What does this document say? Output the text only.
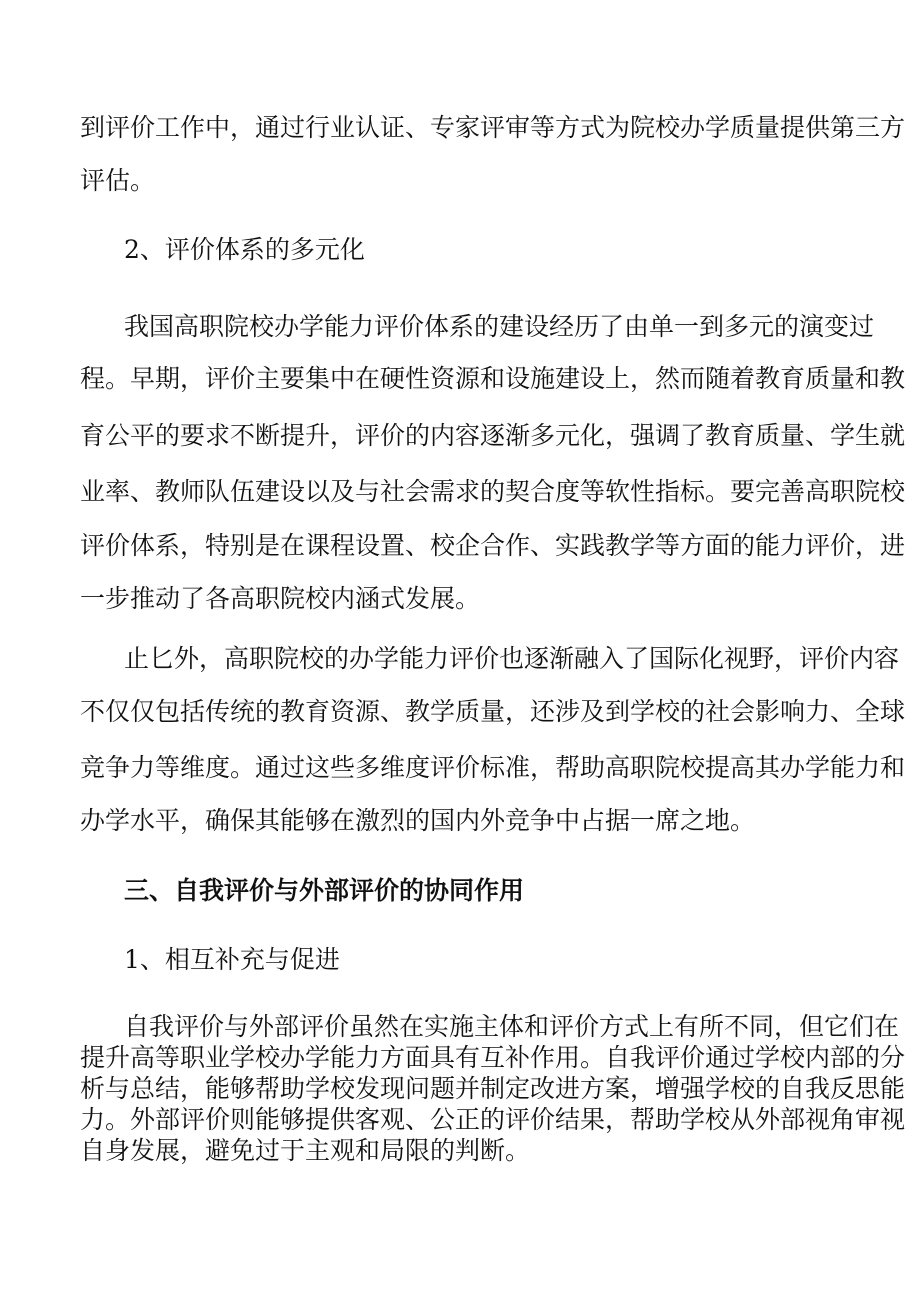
到评价工作中，通过行业认证、专家评审等方式为院校办学质量提供第三方
评估。
2、评价体系的多元化
我国高职院校办学能力评价体系的建设经历了由单一到多元的演变过
程。早期，评价主要集中在硬性资源和设施建设上，然而随着教育质量和教
育公平的要求不断提升，评价的内容逐渐多元化，强调了教育质量、学生就
业率、教师队伍建设以及与社会需求的契合度等软性指标。要完善高职院校
评价体系，特别是在课程设置、校企合作、实践教学等方面的能力评价，进
一步推动了各高职院校内涵式发展。
止匕外，高职院校的办学能力评价也逐渐融入了国际化视野，评价内容
不仅仅包括传统的教育资源、教学质量，还涉及到学校的社会影响力、全球
竞争力等维度。通过这些多维度评价标准，帮助高职院校提高其办学能力和
办学水平，确保其能够在激烈的国内外竞争中占据一席之地。
三、自我评价与外部评价的协同作用
1、相互补充与促进
自我评价与外部评价虽然在实施主体和评价方式上有所不同，但它们在
提升高等职业学校办学能力方面具有互补作用。自我评价通过学校内部的分
析与总结，能够帮助学校发现问题并制定改进方案，增强学校的自我反思能
力。外部评价则能够提供客观、公正的评价结果，帮助学校从外部视角审视
自身发展，避免过于主观和局限的判断。
